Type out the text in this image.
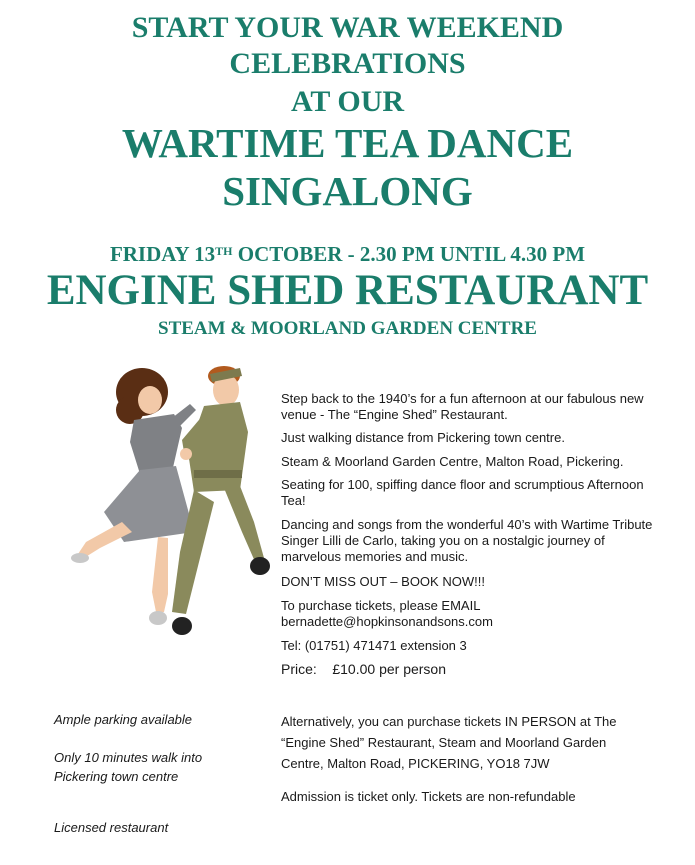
START YOUR WAR WEEKEND
CELEBRATIONS
AT OUR
WARTIME TEA DANCE
SINGALONG
FRIDAY 13TH OCTOBER - 2.30 PM UNTIL 4.30 PM
ENGINE SHED RESTAURANT
STEAM & MOORLAND GARDEN CENTRE
Step back to the 1940’s for a fun afternoon at our fabulous new venue - The “Engine Shed” Restaurant.
Just walking distance from Pickering town centre.
Steam & Moorland Garden Centre, Malton Road, Pickering.
Seating for 100, spiffing dance floor and scrumptious Afternoon Tea!
Dancing and songs from the wonderful 40’s with Wartime Tribute Singer Lilli de Carlo, taking you on a nostalgic journey of marvelous memories and music.
DON’T MISS OUT – BOOK NOW!!!
To purchase tickets, please EMAIL
bernadette@hopkinsonandsons.com
Tel: (01751) 471471 extension 3
Price: £10.00 per person
Ample parking available
Only 10 minutes walk into
Pickering town centre
Licensed restaurant
Alternatively, you can purchase tickets IN PERSON at The “Engine Shed” Restaurant, Steam and Moorland Garden Centre, Malton Road, PICKERING, YO18 7JW
Admission is ticket only. Tickets are non-refundable
